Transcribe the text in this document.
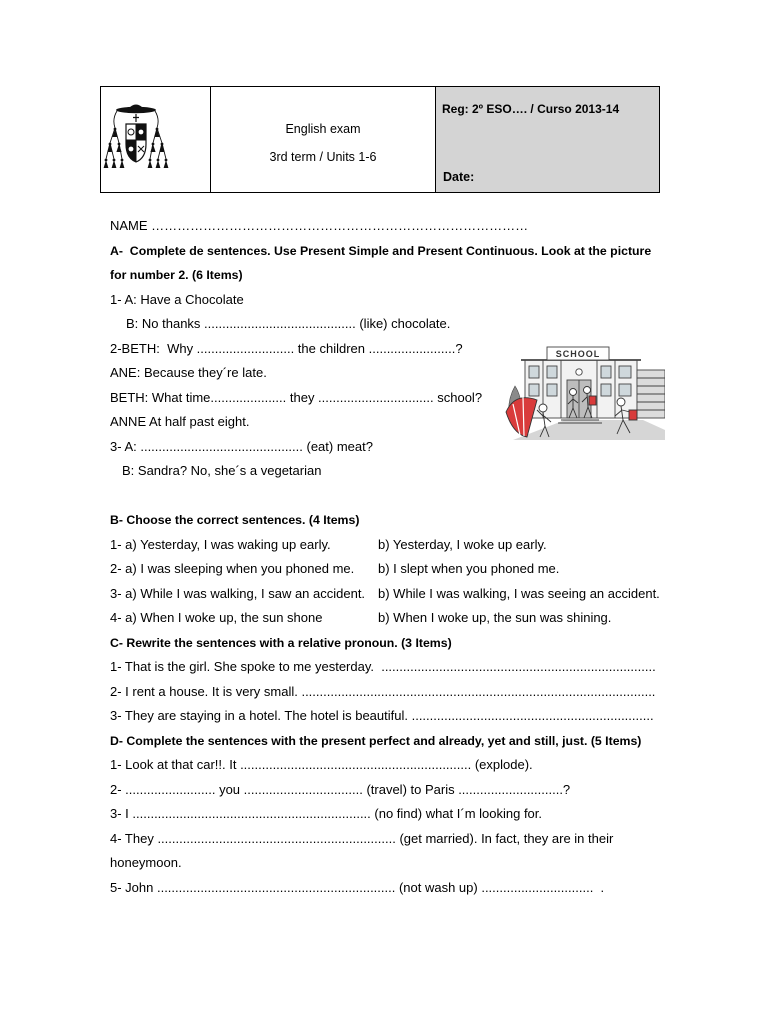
English exam
3rd term / Units 1-6
Reg: 2º ESO…. / Curso 2013-14
Date:
SCHOOL
NAME ……………………………………………………………………………
A-  Complete de sentences. Use Present Simple and Present Continuous. Look at the picture
for number 2. (6 Items)
1- A: Have a Chocolate
B: No thanks .......................................... (like) chocolate.
2-BETH:  Why ........................... the children ........................?
ANE: Because they´re late.
BETH: What time..................... they ................................ school?
ANNE At half past eight.
3- A: ............................................. (eat) meat?
B: Sandra? No, she´s a vegetarian
B- Choose the correct sentences. (4 Items)
1- a) Yesterday, I was waking up early.	b) Yesterday, I woke up early.
2- a) I was sleeping when you phoned me. b) I slept when you phoned me.
3- a) While I was walking, I saw an accident. b) While I was walking, I was seeing an accident.
4- a) When I woke up, the sun shone	b) When I woke up, the sun was shining.
C- Rewrite the sentences with a relative pronoun. (3 Items)
1- That is the girl. She spoke to me yesterday.  ............................................................................
2- I rent a house. It is very small. ..................................................................................................
3- They are staying in a hotel. The hotel is beautiful. ...................................................................
D- Complete the sentences with the present perfect and already, yet and still, just. (5 Items)
1- Look at that car!!. It ................................................................ (explode).
2- ......................... you ................................. (travel) to Paris .............................?
3- I .................................................................. (no find) what I´m looking for.
4- They .................................................................. (get married). In fact, they are in their
honeymoon.
5- John .................................................................. (not wash up) ...............................  .
